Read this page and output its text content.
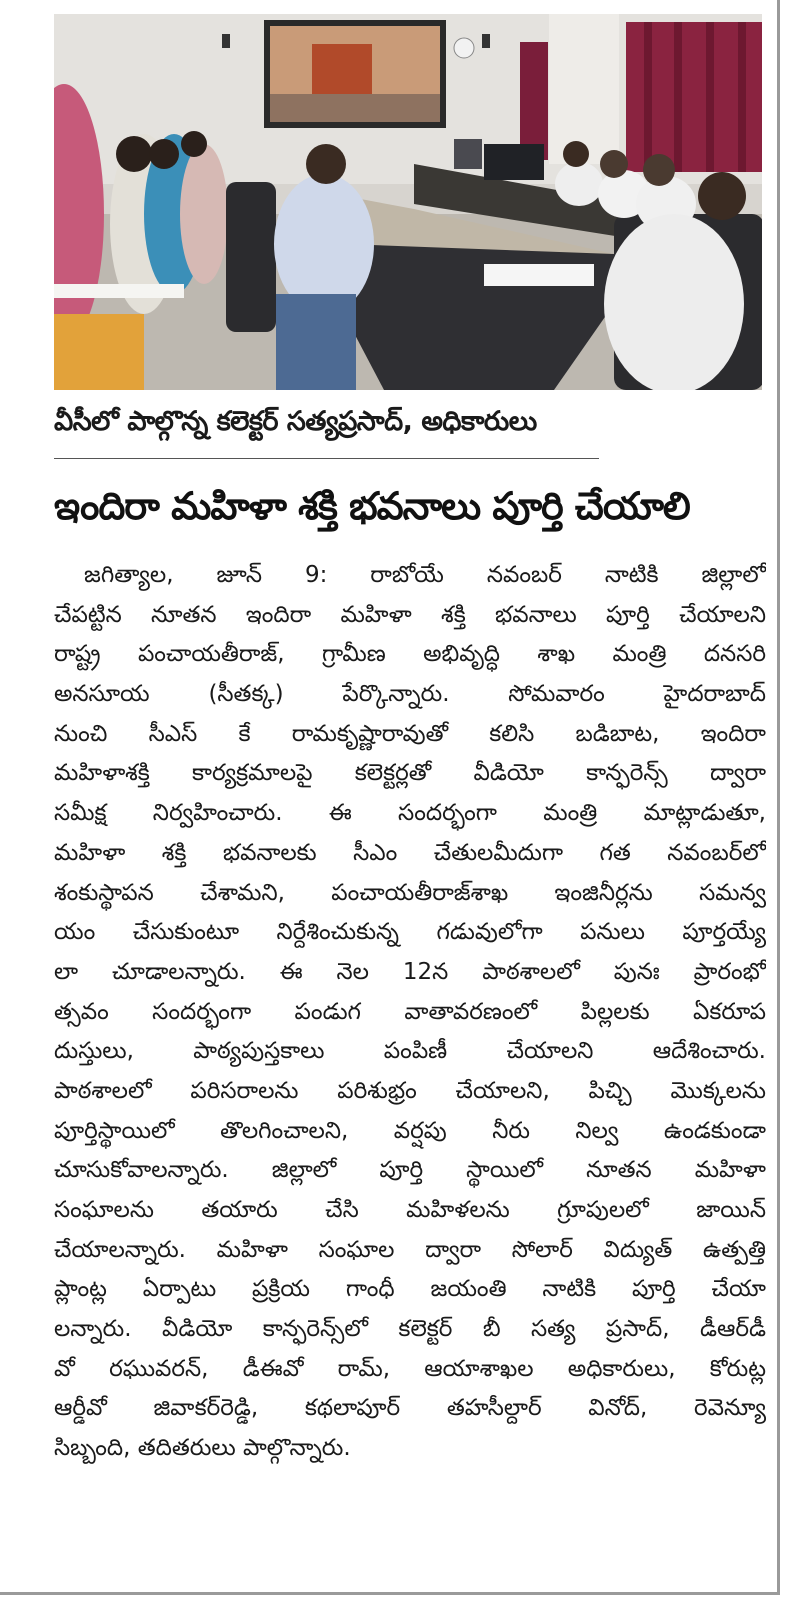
వీసీలో పాల్గొన్న కలెక్టర్ సత్యప్రసాద్, అధికారులు
ఇందిరా మహిళా శక్తి భవనాలు పూర్తి చేయాలి
జగిత్యాల, జూన్ 9: రాబోయే నవంబర్ నాటికి జిల్లాలో
చేపట్టిన నూతన ఇందిరా మహిళా శక్తి భవనాలు పూర్తి చేయాలని
రాష్ట్ర పంచాయతీరాజ్, గ్రామీణ అభివృద్ధి శాఖ మంత్రి దనసరి
అనసూయ (సీతక్క) పేర్కొన్నారు. సోమవారం హైదరాబాద్
నుంచి సీఎస్ కే రామకృష్ణారావుతో కలిసి బడిబాట, ఇందిరా
మహిళాశక్తి కార్యక్రమాలపై కలెక్టర్లతో వీడియో కాన్ఫరెన్స్ ద్వారా
సమీక్ష నిర్వహించారు. ఈ సందర్భంగా మంత్రి మాట్లాడుతూ,
మహిళా శక్తి భవనాలకు సీఎం చేతులమీదుగా గత నవంబర్‌లో
శంకుస్థాపన చేశామని, పంచాయతీరాజ్‌శాఖ ఇంజినీర్లను సమన్వ
యం చేసుకుంటూ నిర్దేశించుకున్న గడువులోగా పనులు పూర్తయ్యే
లా చూడాలన్నారు. ఈ నెల 12న పాఠశాలలో పునః ప్రారంభో
త్సవం సందర్భంగా పండుగ వాతావరణంలో పిల్లలకు ఏకరూప
దుస్తులు, పాఠ్యపుస్తకాలు పంపిణీ చేయాలని ఆదేశించారు.
పాఠశాలలో పరిసరాలను పరిశుభ్రం చేయాలని, పిచ్చి మొక్కలను
పూర్తిస్థాయిలో తొలగించాలని, వర్షపు నీరు నిల్వ ఉండకుండా
చూసుకోవాలన్నారు. జిల్లాలో పూర్తి స్థాయిలో నూతన మహిళా
సంఘాలను తయారు చేసి మహిళలను గ్రూపులలో జాయిన్
చేయాలన్నారు. మహిళా సంఘాల ద్వారా సోలార్ విద్యుత్ ఉత్పత్తి
ప్లాంట్ల ఏర్పాటు ప్రక్రియ గాంధీ జయంతి నాటికి పూర్తి చేయా
లన్నారు. వీడియో కాన్ఫరెన్స్‌లో కలెక్టర్ బీ సత్య ప్రసాద్, డీఆర్‌డీ
వో రఘువరన్, డీఈవో రామ్, ఆయాశాఖల అధికారులు, కోరుట్ల
ఆర్డీవో జివాకర్‌రెడ్డి, కథలాపూర్ తహసీల్దార్ వినోద్, రెవెన్యూ
సిబ్బంది, తదితరులు పాల్గొన్నారు.
